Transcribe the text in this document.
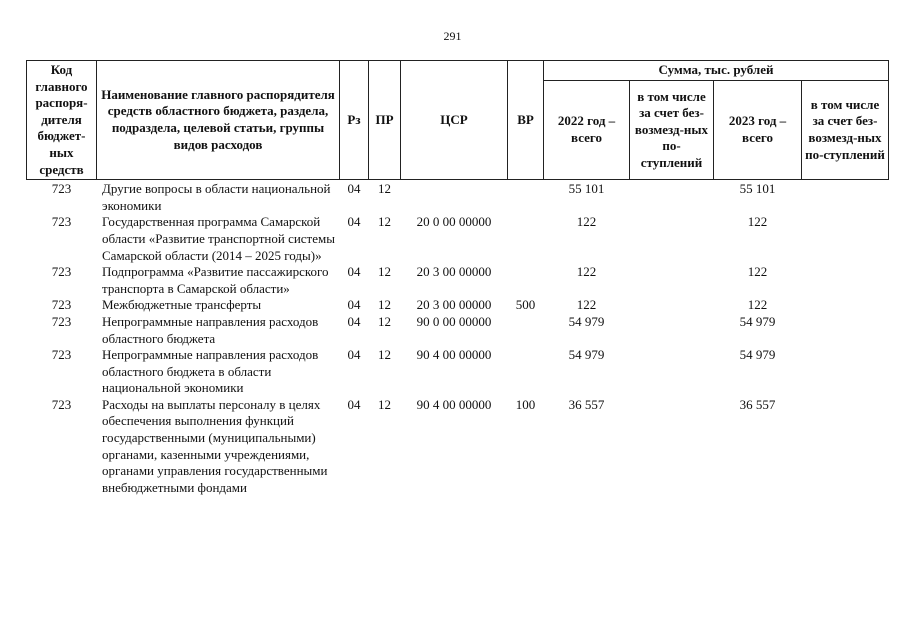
291
Код главного распоря-дителя бюджет-ных средств	Наименование главного распорядителя средств областного бюджета, раздела, подраздела, целевой статьи, группы видов расходов	Рз	ПР	ЦСР	ВР	Сумма, тыс. рублей			
						2022 год – всего	в том числе за счет без-возмезд-ных по-ступлений	2023 год – всего	в том числе за счет без-возмезд-ных по-ступлений
723	Другие вопросы в области национальной экономики	04	12			55 101		55 101	
723	Государственная программа Самарской области «Развитие транспортной системы Самарской области (2014 – 2025 годы)»	04	12	20 0 00 00000		122		122	
723	Подпрограмма «Развитие пассажирского транспорта в Самарской области»	04	12	20 3 00 00000		122		122	
723	Межбюджетные трансферты	04	12	20 3 00 00000	500	122		122	
723	Непрограммные направления расходов областного бюджета	04	12	90 0 00 00000		54 979		54 979	
723	Непрограммные направления расходов областного бюджета в области национальной экономики	04	12	90 4 00 00000		54 979		54 979	
723	Расходы на выплаты персоналу в целях обеспечения выполнения функций государственными (муниципальными) органами, казенными учреждениями, органами управления государственными внебюджетными фондами	04	12	90 4 00 00000	100	36 557		36 557	
